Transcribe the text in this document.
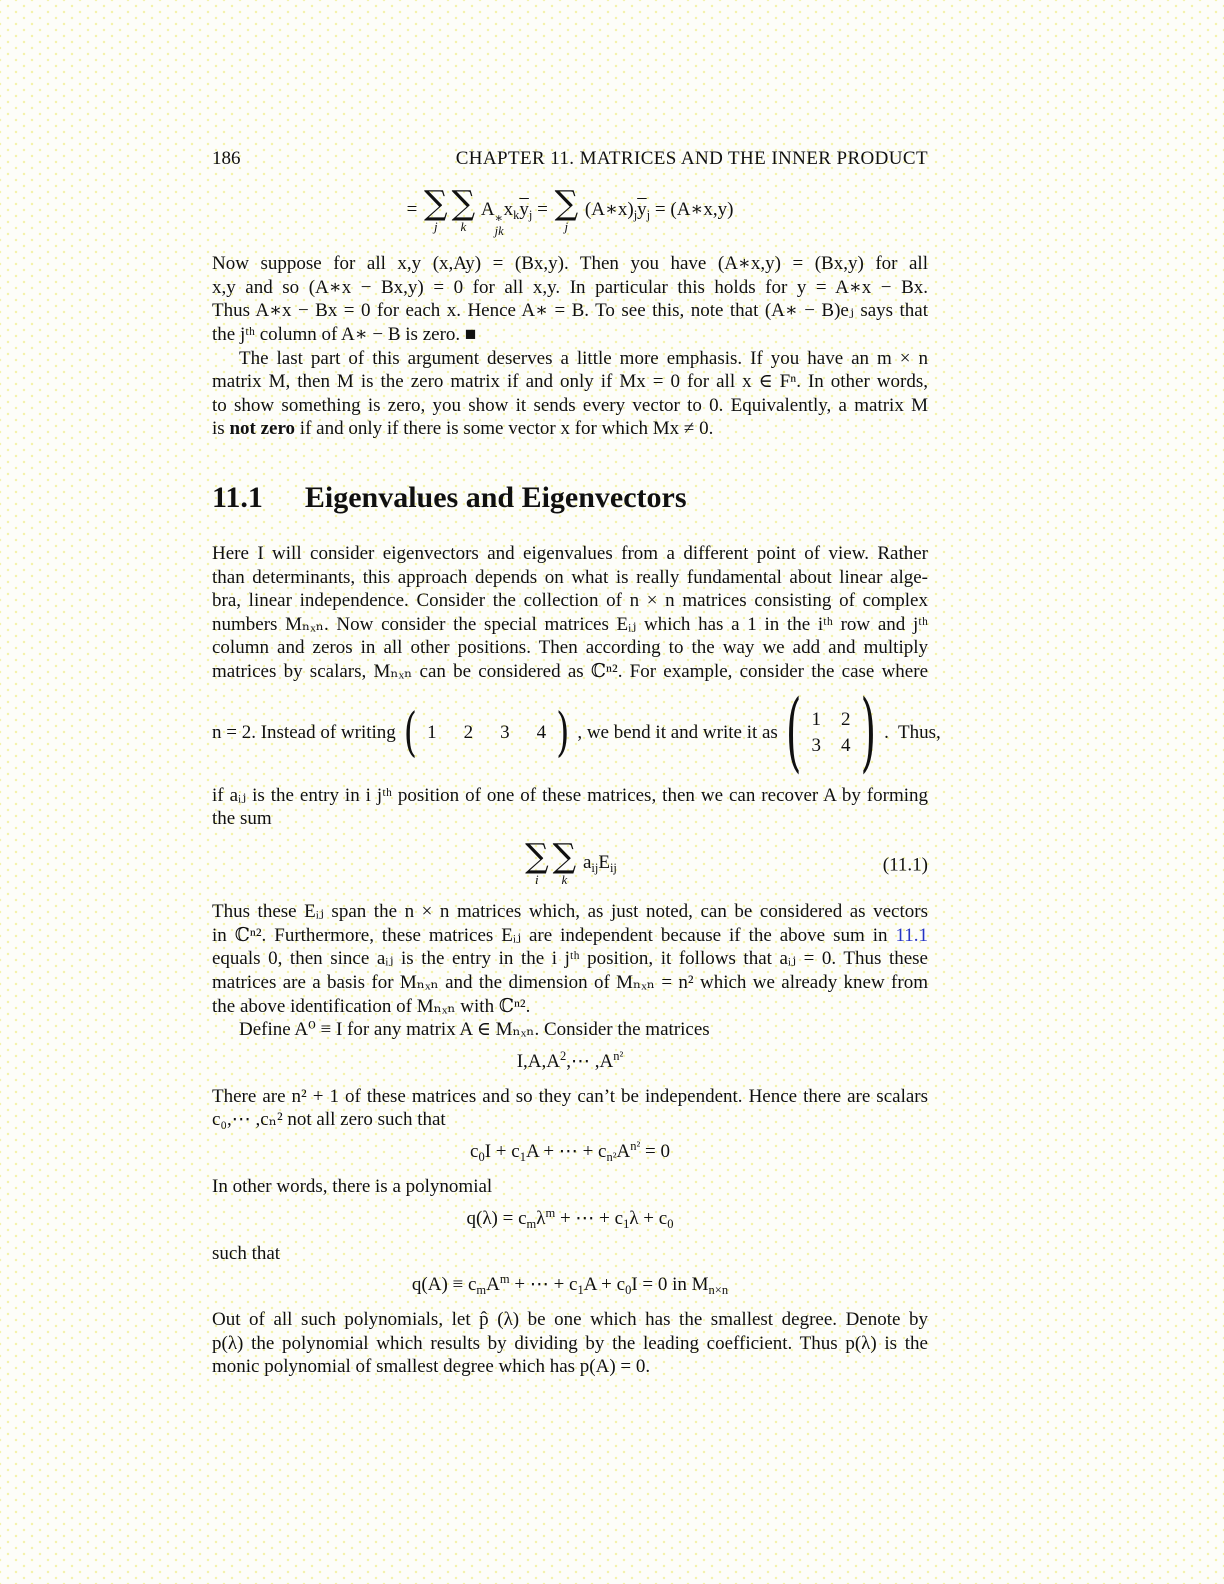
186	CHAPTER 11. MATRICES AND THE INNER PRODUCT
= ∑
j
∑
k
A ∗
jk
$x_k\overline{y}_j$ = ∑
j
$(A∗x)_j\overline{y}_j$ = (A∗x,y)
Now suppose for all x,y (x,Ay) = (Bx,y). Then you have (A∗x,y) = (Bx,y) for all
x,y and so (A∗x − Bx,y) = 0 for all x,y. In particular this holds for y = A∗x − Bx.
Thus A∗x − Bx = 0 for each x. Hence A∗ = B. To see this, note that (A∗ − B)eⱼ says that
the jᵗʰ column of A∗ − B is zero. ■
The last part of this argument deserves a little more emphasis. If you have an m × n
matrix M, then M is the zero matrix if and only if Mx = 0 for all x ∈ Fⁿ. In other words,
to show something is zero, you show it sends every vector to 0. Equivalently, a matrix M
is not zero if and only if there is some vector x for which Mx ≠ 0.
11.1 Eigenvalues and Eigenvectors
Here I will consider eigenvectors and eigenvalues from a different point of view. Rather
than determinants, this approach depends on what is really fundamental about linear alge-
bra, linear independence. Consider the collection of n × n matrices consisting of complex
numbers Mₙₓₙ. Now consider the special matrices Eᵢⱼ which has a 1 in the iᵗʰ row and jᵗʰ
column and zeros in all other positions. Then according to the way we add and multiply
matrices by scalars, Mₙₓₙ can be considered as ℂⁿ². For example, consider the case where
n = 2. Instead of writing ( 1 2 3 4 ) , we bend it and write it as ( 1 2
3 4 ) .  Thus,
if aᵢⱼ is the entry in i jᵗʰ position of one of these matrices, then we can recover A by forming
the sum
∑
i
∑
k
$a_{ij}E_{ij}$	(11.1)
Thus these Eᵢⱼ span the n × n matrices which, as just noted, can be considered as vectors
in ℂⁿ². Furthermore, these matrices Eᵢⱼ are independent because if the above sum in 11.1
equals 0, then since aᵢⱼ is the entry in the i jᵗʰ position, it follows that aᵢⱼ = 0. Thus these
matrices are a basis for Mₙₓₙ and the dimension of Mₙₓₙ = n² which we already knew from
the above identification of Mₙₓₙ with ℂⁿ².
Define A⁰ ≡ I for any matrix A ∈ Mₙₓₙ. Consider the matrices
$I,A,A^2,\cdots$ $,A^{n^2}$
There are n² + 1 of these matrices and so they can’t be independent. Hence there are scalars
c₀,⋯ ,cₙ² not all zero such that
$c_0I + c_1A$ + ⋯ + $c_{n^2}A^{n^2} = 0$
In other words, there is a polynomial
$q(\lambda) = c_m\lambda^m$ + ⋯ + $c_1\lambda + c_0$
such that
$q(A) \equiv c_mA^m$ + ⋯ + $c_1A + c_0I = 0$ in $M_{n\times n}$
Out of all such polynomials, let p̂ (λ) be one which has the smallest degree. Denote by
p(λ) the polynomial which results by dividing by the leading coefficient. Thus p(λ) is the
monic polynomial of smallest degree which has p(A) = 0.
